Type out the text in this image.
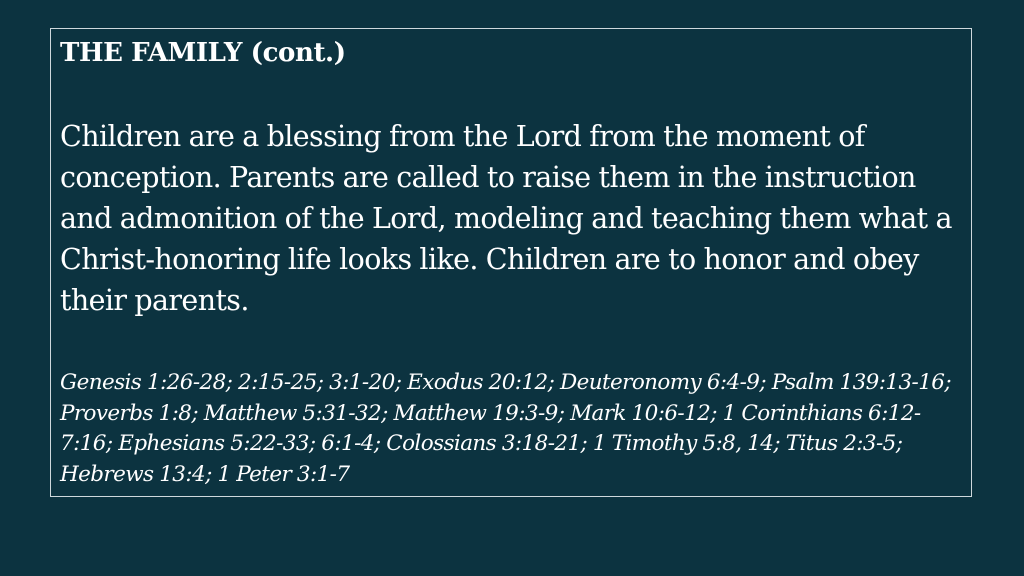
THE FAMILY (cont.)

Children are a blessing from the Lord from the moment of conception. Parents are called to raise them in the instruction and admonition of the Lord, modeling and teaching them what a Christ-honoring life looks like. Children are to honor and obey their parents.

Genesis 1:26-28; 2:15-25; 3:1-20; Exodus 20:12; Deuteronomy 6:4-9; Psalm 139:13-16; Proverbs 1:8; Matthew 5:31-32; Matthew 19:3-9; Mark 10:6-12; 1 Corinthians 6:12-7:16; Ephesians 5:22-33; 6:1-4; Colossians 3:18-21; 1 Timothy 5:8, 14; Titus 2:3-5; Hebrews 13:4; 1 Peter 3:1-7
